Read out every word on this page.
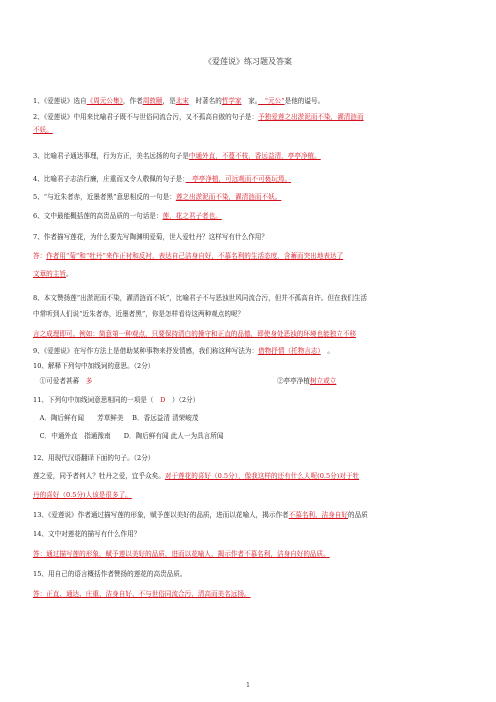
《爱莲说》练习题及答案
1、《爱莲说》选自《周元公集》，作者周敦颐，是北宋　时著名的哲学家　家。　“元公”是他的谥号。
2、《爱莲说》中用来比喻君子既不与世俗同流合污，又不孤高自傲的句子是：予独爱莲之出淤泥而不染，濯清涟而
不妖。
3、比喻君子通达事理，行为方正，美名远扬的句子是中通外直，不蔓不枝，香远益清，亭亭净植。
4、比喻君子志洁行廉，庄重而又令人敬佩的句子是：　亭亭净植，可远观而不可亵玩焉。
5、“与近朱者赤，近墨者黑”意思相反的一句是：莲之出淤泥而不染，濯清涟而不妖。
6、文中最能概括莲的高贵品质的一句话是：莲，花之君子者也。
7、作者描写莲花，为什么要先写陶渊明爱菊，世人爱牡丹？这样写有什么作用？
答：作者用“菊”和“牡丹”来作正衬和反衬，表达自己洁身自好，不慕名利的生活态度，含蓄而突出地表达了
文章的主旨。
8、本文赞扬莲“出淤泥而不染，濯清涟而不妖”，比喻君子不与恶浊世风同流合污，但并不孤高自许。但在我们生活
中常听到人们说“近朱者赤，近墨者黑”，你是怎样看待这两种观点的呢？
言之成理即可。例如：简意第一种观点，只要保持清白的操守和正直的品德，即使身处恶浊的环境也能独立不移
9、《爱莲说》在写作方法上是借助某种事物来抒发情感，我们称这种写法为：借物抒情（托物言志）　。
10、解释下列句中加线词的意思。（2分）
　①可爱者甚蕃　多　　　　　　　　　　　　　　　　　　　　　　　　　　　　②亭亭净植树立或立
11、下列句中加线词意思相同的一项是（　D　）（2分）
　A．陶后鲜有闻　　芳草鲜美　 B．香远益清 清荣峻茂
　C．中通外直　指通豫南　　D．陶后鲜有闻 此人一为具言所闻
12、用现代汉语翻译下面的句子。（2分）
莲之爱，同予者何人？牡丹之爱，宜乎众矣。对于莲花的喜好（0.5分），像我这样的还有什么人呢(0.5分)对于牡
丹的喜好（0.5分)人该是很多了。
13、《爱莲说》作者通过描写莲的形象，赋予莲以美好的品质，进而以花喻人，揭示作者不慕名利、洁身自好的品质
14、文中对莲花的描写有什么作用？
答：通过描写莲的形象，赋予莲以美好的品质，进而以花喻人，揭示作者不慕名利，洁身自好的品质。
15、用自己的语言概括作者赞扬的莲花的高贵品质。
答：正直、通达、庄重、洁身自好、不与世俗同流合污、清高而美名远扬。
1
